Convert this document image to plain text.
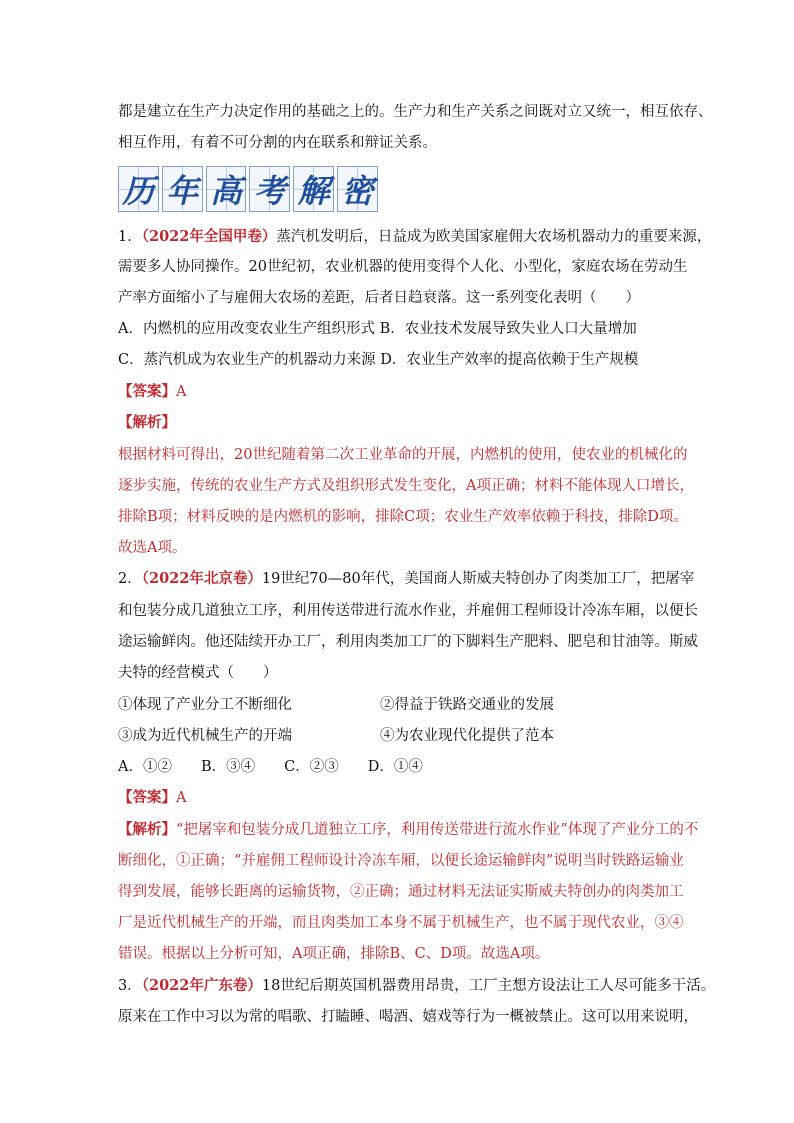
都是建立在生产力决定作用的基础之上的。生产力和生产关系之间既对立又统一，相互依存、
相互作用，有着不可分割的内在联系和辩证关系。
历 年 高 考 解 密
1．（2022年全国甲卷）蒸汽机发明后，日益成为欧美国家雇佣大农场机器动力的重要来源，
需要多人协同操作。20世纪初，农业机器的使用变得个人化、小型化，家庭农场在劳动生
产率方面缩小了与雇佣大农场的差距，后者日趋衰落。这一系列变化表明（　　）
A．内燃机的应用改变农业生产组织形式 B．农业技术发展导致失业人口大量增加
C．蒸汽机成为农业生产的机器动力来源 D．农业生产效率的提高依赖于生产规模
【答案】A
【解析】
根据材料可得出，20世纪随着第二次工业革命的开展，内燃机的使用，使农业的机械化的
逐步实施，传统的农业生产方式及组织形式发生变化，A项正确；材料不能体现人口增长，
排除B项；材料反映的是内燃机的影响，排除C项；农业生产效率依赖于科技，排除D项。
故选A项。
2．（2022年北京卷）19世纪70—80年代，美国商人斯威夫特创办了肉类加工厂，把屠宰
和包装分成几道独立工序，利用传送带进行流水作业，并雇佣工程师设计冷冻车厢，以便长
途运输鲜肉。他还陆续开办工厂，利用肉类加工厂的下脚料生产肥料、肥皂和甘油等。斯威
夫特的经营模式（　　）
①体现了产业分工不断细化	②得益于铁路交通业的发展
③成为近代机械生产的开端	④为农业现代化提供了范本
A．①②　　B．③④　　C．②③　　D．①④
【答案】A
【解析】“把屠宰和包装分成几道独立工序，利用传送带进行流水作业”体现了产业分工的不
断细化，①正确；“并雇佣工程师设计冷冻车厢，以便长途运输鲜肉”说明当时铁路运输业
得到发展，能够长距离的运输货物，②正确；通过材料无法证实斯威夫特创办的肉类加工
厂是近代机械生产的开端，而且肉类加工本身不属于机械生产，也不属于现代农业，③④
错误。根据以上分析可知，A项正确，排除B、C、D项。故选A项。
3．（2022年广东卷）18世纪后期英国机器费用昂贵，工厂主想方设法让工人尽可能多干活。
原来在工作中习以为常的唱歌、打瞌睡、喝酒、嬉戏等行为一概被禁止。这可以用来说明，
